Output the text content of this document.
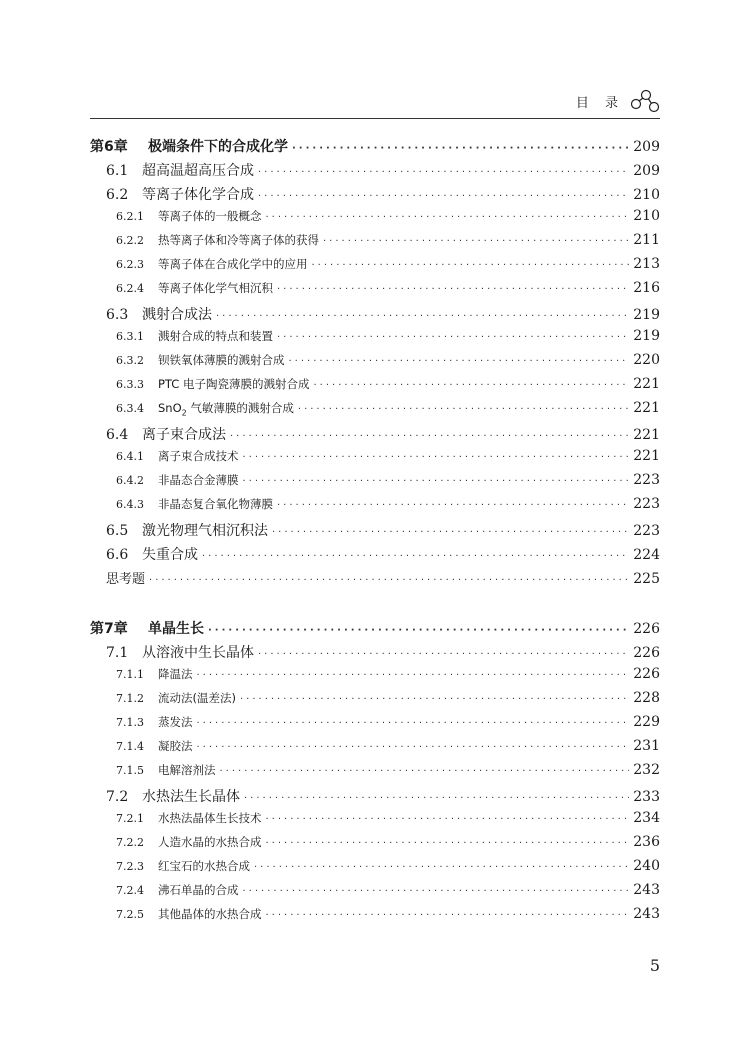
目 录
第6章	极端条件下的合成化学 ·····	209
6.1 超高温超高压合成 ·····	209
6.2 等离子体化学合成 ·····	210
6.2.1	等离子体的一般概念 ·····	210
6.2.2	热等离子体和冷等离子体的获得 ·····	211
6.2.3	等离子体在合成化学中的应用 ·····	213
6.2.4	等离子体化学气相沉积 ·····	216
6.3 溅射合成法 ·····	219
6.3.1	溅射合成的特点和装置 ·····	219
6.3.2	钡铁氧体薄膜的溅射合成 ·····	220
6.3.3	PTC 电子陶瓷薄膜的溅射合成 ·····	221
6.3.4	SnO$_2$ 气敏薄膜的溅射合成 ·····	221
6.4 离子束合成法 ·····	221
6.4.1	离子束合成技术 ·····	221
6.4.2	非晶态合金薄膜 ·····	223
6.4.3	非晶态复合氧化物薄膜 ·····	223
6.5 激光物理气相沉积法 ·····	223
6.6 失重合成 ·····	224
思考题 ·····	225
第7章	单晶生长 ·····	226
7.1 从溶液中生长晶体 ·····	226
7.1.1	降温法 ·····	226
7.1.2	流动法(温差法) ·····	228
7.1.3	蒸发法 ·····	229
7.1.4	凝胶法 ·····	231
7.1.5	电解溶剂法 ·····	232
7.2 水热法生长晶体 ·····	233
7.2.1	水热法晶体生长技术 ·····	234
7.2.2	人造水晶的水热合成 ·····	236
7.2.3	红宝石的水热合成 ·····	240
7.2.4	沸石单晶的合成 ·····	243
7.2.5	其他晶体的水热合成 ·····	243
5
